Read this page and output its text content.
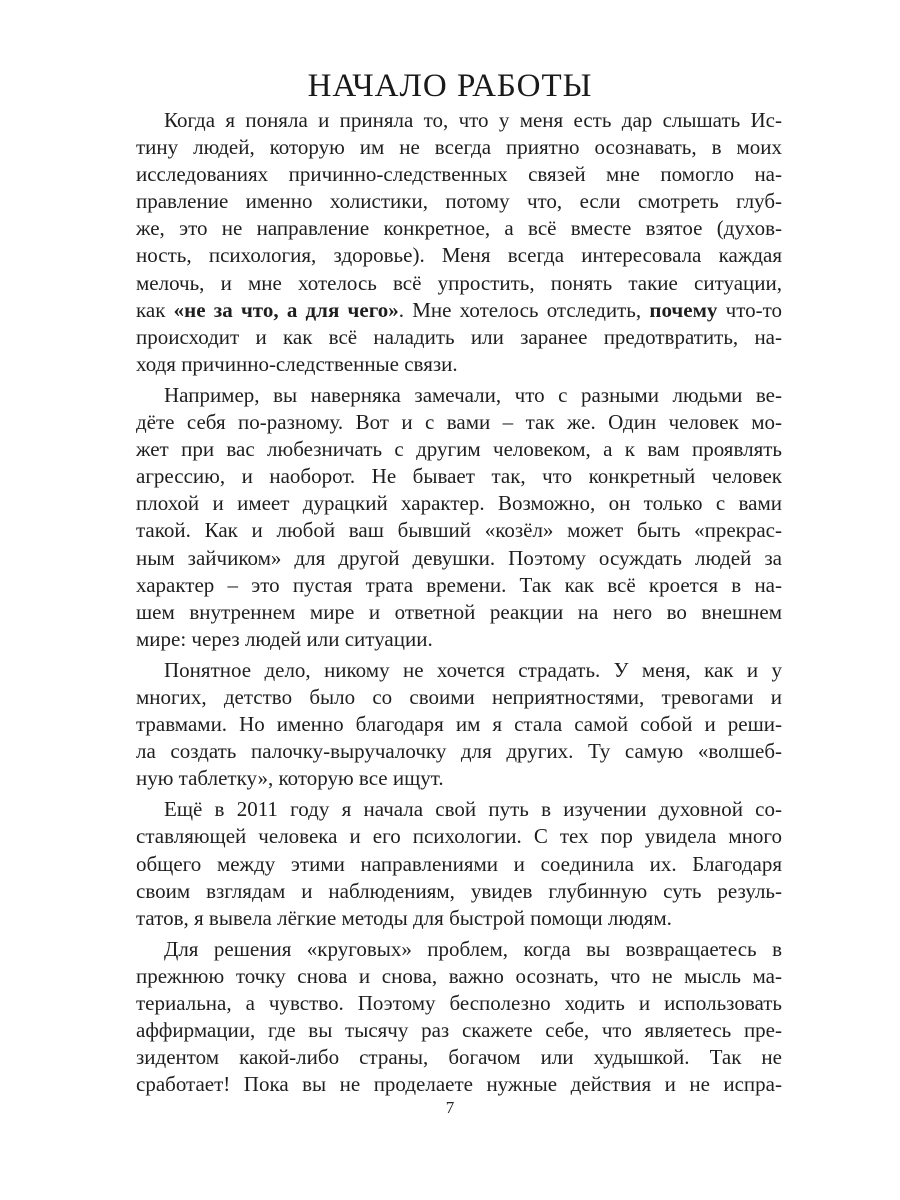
НАЧАЛО РАБОТЫ

Когда я поняла и приняла то, что у меня есть дар слышать Ис-
тину людей, которую им не всегда приятно осознавать, в моих
исследованиях причинно-следственных связей мне помогло на-
правление именно холистики, потому что, если смотреть глуб-
же, это не направление конкретное, а всё вместе взятое (духов-
ность, психология, здоровье). Меня всегда интересовала каждая
мелочь, и мне хотелось всё упростить, понять такие ситуации,
как «не за что, а для чего». Мне хотелось отследить, почему что-то
происходит и как всё наладить или заранее предотвратить, на-
ходя причинно-следственные связи.

Например, вы наверняка замечали, что с разными людьми ве-
дёте себя по-разному. Вот и с вами – так же. Один человек мо-
жет при вас любезничать с другим человеком, а к вам проявлять
агрессию, и наоборот. Не бывает так, что конкретный человек
плохой и имеет дурацкий характер. Возможно, он только с вами
такой. Как и любой ваш бывший «козёл» может быть «прекрас-
ным зайчиком» для другой девушки. Поэтому осуждать людей за
характер – это пустая трата времени. Так как всё кроется в на-
шем внутреннем мире и ответной реакции на него во внешнем
мире: через людей или ситуации.

Понятное дело, никому не хочется страдать. У меня, как и у
многих, детство было со своими неприятностями, тревогами и
травмами. Но именно благодаря им я стала самой собой и реши-
ла создать палочку-выручалочку для других. Ту самую «волшеб-
ную таблетку», которую все ищут.

Ещё в 2011 году я начала свой путь в изучении духовной со-
ставляющей человека и его психологии. С тех пор увидела много
общего между этими направлениями и соединила их. Благодаря
своим взглядам и наблюдениям, увидев глубинную суть резуль-
татов, я вывела лёгкие методы для быстрой помощи людям.

Для решения «круговых» проблем, когда вы возвращаетесь в
прежнюю точку снова и снова, важно осознать, что не мысль ма-
териальна, а чувство. Поэтому бесполезно ходить и использовать
аффирмации, где вы тысячу раз скажете себе, что являетесь пре-
зидентом какой-либо страны, богачом или худышкой. Так не
сработает! Пока вы не проделаете нужные действия и не испра-

7
